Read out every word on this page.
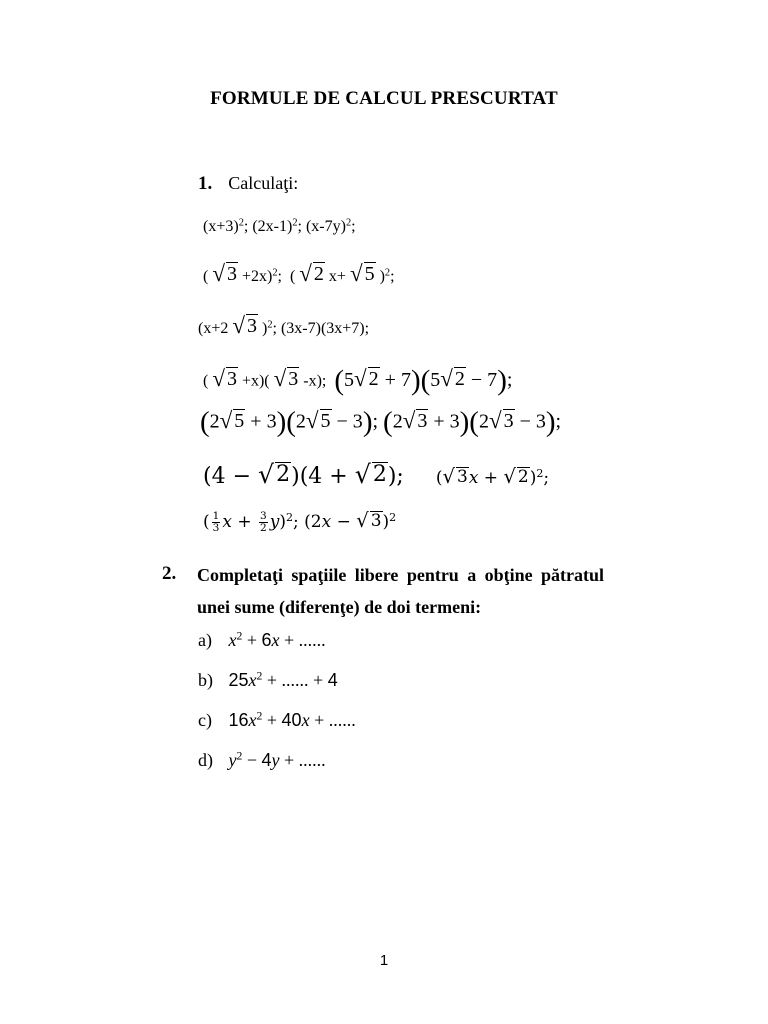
FORMULE DE CALCUL PRESCURTAT
1. Calculaţi:
$(x+3)^2$; $(2x-1)^2$; $(x-7y)^2$;
( √ 3 +2x)$^2$;  ( √ 2 x+ √ 5 )$^2$;
(x+2 √ 3 )$^2$; (3x-7)(3x+7);
( √ 3 +x)( √ 3 -x);  (5 √ 2 + 7)(5 √ 2 − 7);
(2 √ 5 + 3)(2 √ 5 − 3); (2 √ 3 + 3)(2 √ 3 − 3);
(4 − √ 2 )(4 + √ 2 ); ( √ 3 x + √ 2 )$^2$;
( $\frac{1}{3}$ $x + \frac{3}{2} y)^2$; (2x − √ 3 )$^2$
2. Completaţi spaţiile libere pentru a obţine pătratul unei sume (diferenţe) de doi termeni:
a) $x^2 + 6x$ + ......
b) $25x^2$ + ...... + 4
c) $16x^2 + 40x$ + ......
d) $y^2 - 4y$ + ......
1
